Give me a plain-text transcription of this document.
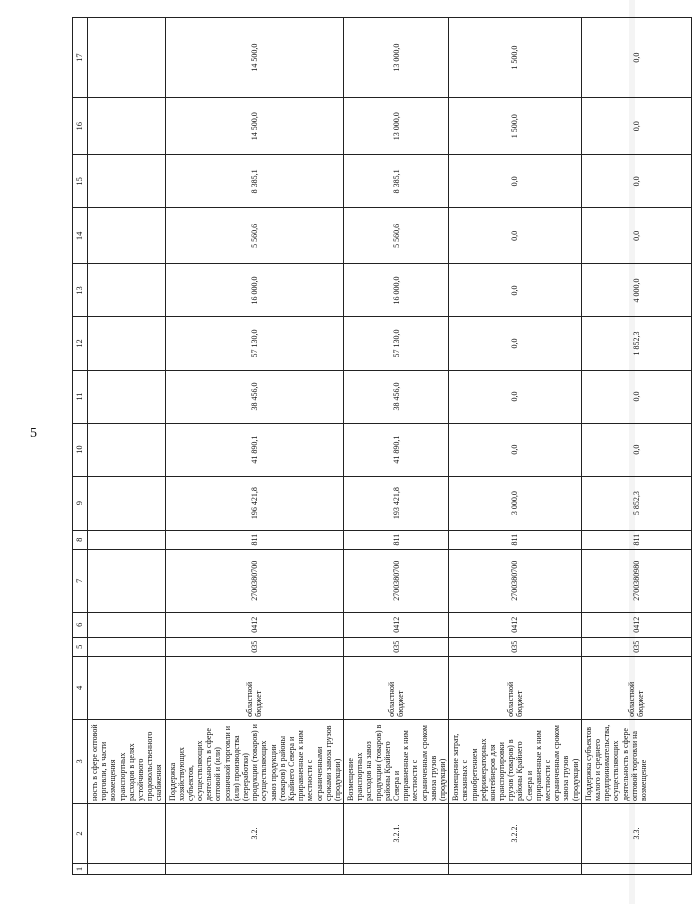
5
1	2	3	4	5	6	7	8	9	10	11	12	13	14	15	16	17
		ность в сфере оптовой торговли, в части возмещения транспортных расходов в целях устойчивого продовольственного снабжения														
	3.2.	Поддержка хозяйствующих субъектов, осуществляющих деятельность в сфере оптовой и (или) розничной торговли и (или) производства (переработки) продукции (товаров) и осуществляющих завоз продукции (товаров) в районы Крайнего Севера и приравненные к ним местности с ограниченными сроками завоза грузов (продукции)	областной бюджет	035	0412	2700380700	811	196 421,8	41 890,1	38 456,0	57 130,0	16 000,0	5 560,6	8 385,1	14 500,0	14 500,0
	3.2.1.	Возмещение транспортных расходов на завоз продукции (товаров) в районы Крайнего Севера и приравненные к ним местности с ограниченным сроком завоза грузов (продукции)	областной бюджет	035	0412	2700380700	811	193 421,8	41 890,1	38 456,0	57 130,0	16 000,0	5 560,6	8 385,1	13 000,0	13 000,0
	3.2.2.	Возмещение затрат, связанных с приобретением рефрижераторных контейнеров для транспортировки грузов (товаров) в районы Крайнего Севера и приравненные к ним местности с ограниченным сроком завоза грузов (продукции)	областной бюджет	035	0412	2700380700	811	3 000,0	0,0	0,0	0,0	0,0	0,0	0,0	1 500,0	1 500,0
	3.3.	Поддержка субъектов малого и среднего предпринимательства, осуществляющих деятельность в сфере оптовой торговли на возмещение	областной бюджет	035	0412	2700380980	811	5 852,3	0,0	0,0	1 852,3	4 000,0	0,0	0,0	0,0	0,0
